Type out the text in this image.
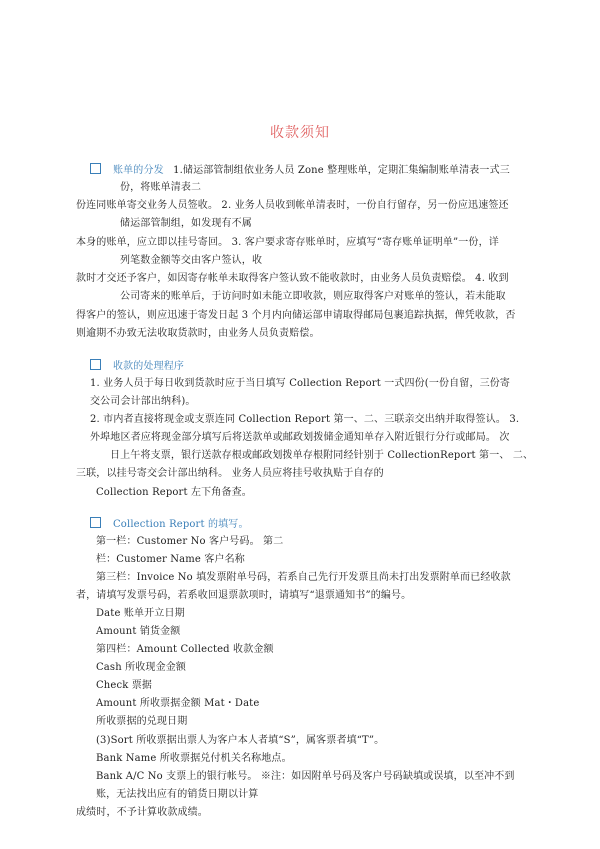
收款须知
账单的分发 1.储运部管制组依业务人员 Zone 整理账单，定期汇集编制账单清表一式三
份，将账单清表二
份连同账单寄交业务人员签收。 2. 业务人员收到帐单清表时，一份自行留存，另一份应迅速签还
储运部管制组，如发现有不属
本身的账单，应立即以挂号寄回。 3. 客户要求寄存账单时，应填写“寄存账单证明单”一份，详
列笔数金额等交由客户签认，收
款时才交还予客户，如因寄存帐单未取得客户签认致不能收款时，由业务人员负责赔偿。 4. 收到
公司寄来的账单后，于访问时如未能立即收款，则应取得客户对账单的签认，若未能取
得客户的签认，则应迅速于寄发日起 3 个月内向储运部申请取得邮局包裹追踪执据，俾凭收款，否
则逾期不办致无法收取货款时，由业务人员负责赔偿。
收款的处理程序
1. 业务人员于每日收到货款时应于当日填写 Collection Report 一式四份(一份自留，三份寄
交公司会计部出纳科)。
2. 市内者直接将现金或支票连同 Collection Report 第一、二、三联亲交出纳并取得签认。 3.
外埠地区者应将现金部分填写后将送款单或邮政划拨储金通知单存入附近银行分行或邮局。 次
日上午将支票，银行送款存根或邮政划拨单存根附同经针别于 CollectionReport 第一、 二、
三联，以挂号寄交会计部出纳科。 业务人员应将挂号收执贴于自存的
Collection Report 左下角备查。
Collection Report 的填写。
第一栏：Customer No 客户号码。 第二
栏：Customer Name 客户名称
第三栏：Invoice No 填发票附单号码，若系自己先行开发票且尚未打出发票附单而已经收款
者，请填写发票号码，若系收回退票款项时，请填写“退票通知书”的编号。
Date 账单开立日期
Amount 销货金额
第四栏：Amount Collected 收款金额
Cash 所收现金金额
Check 票据
Amount 所收票据金额 Mat・Date
所收票据的兑现日期
(3)Sort 所收票据出票人为客户本人者填“S”，属客票者填“T”。
Bank Name 所收票据兑付机关名称地点。
Bank A/C No 支票上的银行帐号。 ※注：如因附单号码及客户号码缺填或误填，以至冲不到
账，无法找出应有的销货日期以计算
成绩时，不予计算收款成绩。
